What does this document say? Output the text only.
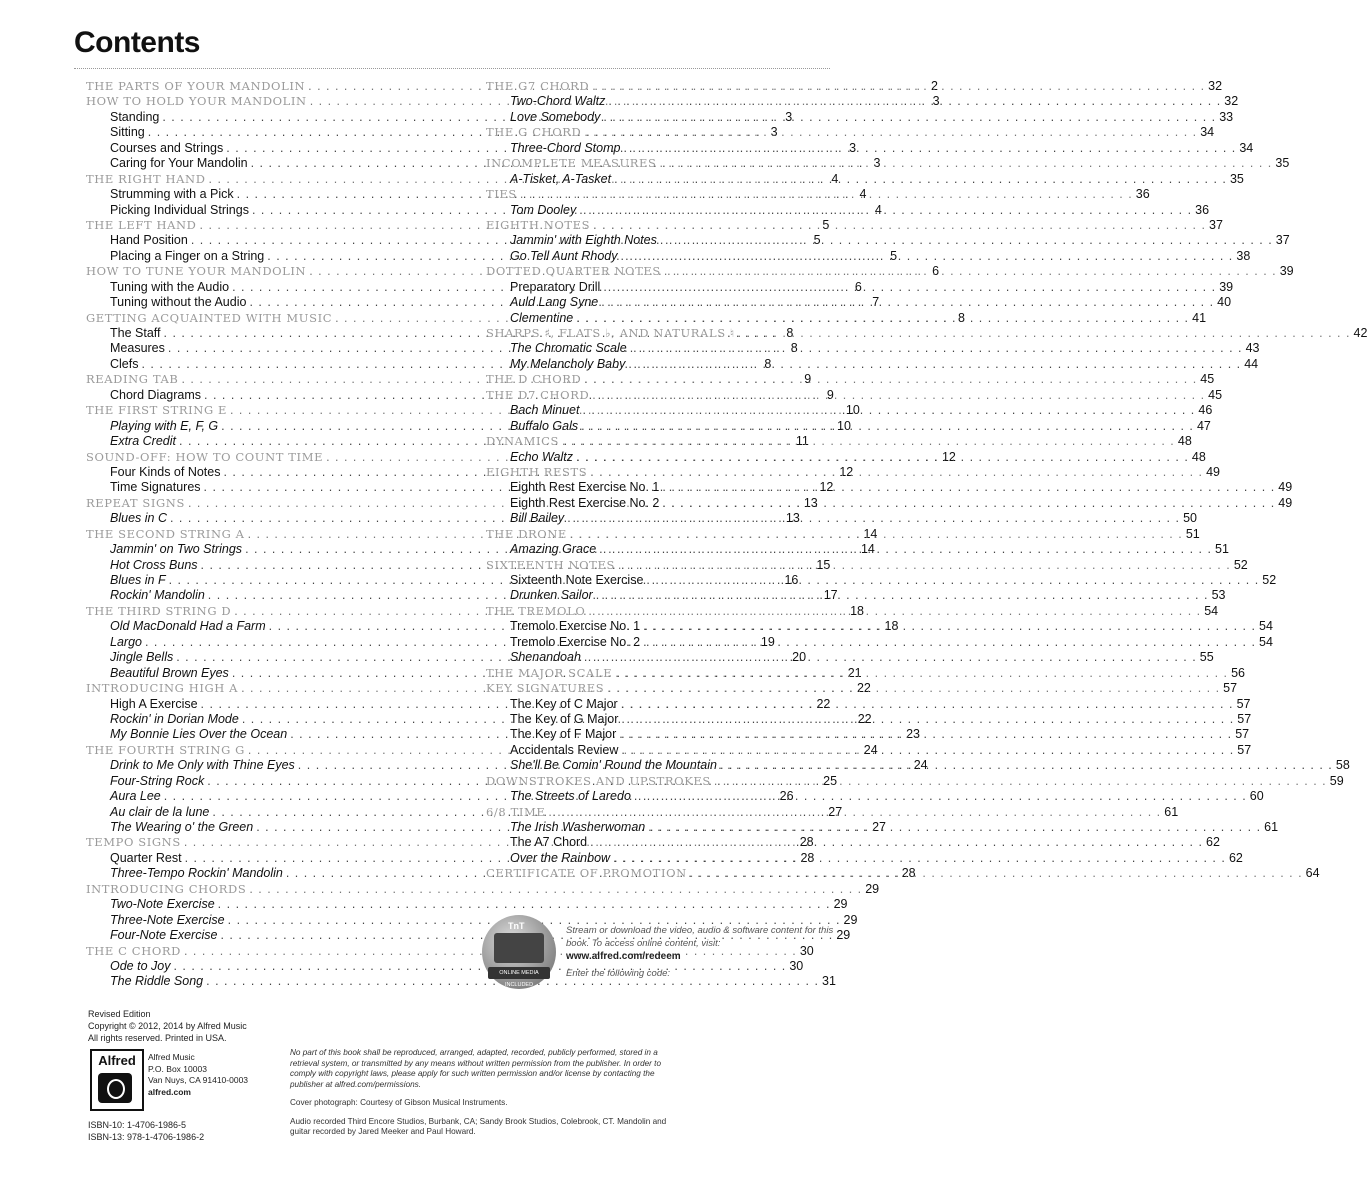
Contents
THE PARTS OF YOUR MANDOLIN . . .	2
HOW TO HOLD YOUR MANDOLIN . . .	3
Standing . . .	3
Sitting . . .	3
Courses and Strings . . .	3
Caring for Your Mandolin . . .	3
THE RIGHT HAND . . .	4
Strumming with a Pick . . .	4
Picking Individual Strings . . .	4
THE LEFT HAND . . .	5
Hand Position . . .	5
Placing a Finger on a String . . .	5
HOW TO TUNE YOUR MANDOLIN . . .	6
Tuning with the Audio . . .	6
Tuning without the Audio . . .	7
GETTING ACQUAINTED WITH MUSIC . . .	8
The Staff . . .	8
Measures . . .	8
Clefs . . .	8
READING TAB . . .	9
Chord Diagrams . . .	9
THE FIRST STRING E . . .	10
Playing with E, F, G . . .	10
Extra Credit . . .	11
SOUND-OFF: HOW TO COUNT TIME . . .	12
Four Kinds of Notes . . .	12
Time Signatures . . .	12
REPEAT SIGNS . . .	13
Blues in C . . .	13
THE SECOND STRING A . . .	14
Jammin' on Two Strings . . .	14
Hot Cross Buns . . .	15
Blues in F . . .	16
Rockin' Mandolin . . .	17
THE THIRD STRING D . . .	18
Old MacDonald Had a Farm . . .	18
Largo . . .	19
Jingle Bells . . .	20
Beautiful Brown Eyes . . .	21
INTRODUCING HIGH A . . .	22
High A Exercise . . .	22
Rockin' in Dorian Mode . . .	22
My Bonnie Lies Over the Ocean . . .	23
THE FOURTH STRING G . . .	24
Drink to Me Only with Thine Eyes . . .	24
Four-String Rock . . .	25
Aura Lee . . .	26
Au clair de la lune . . .	27
The Wearing o' the Green . . .	27
TEMPO SIGNS . . .	28
Quarter Rest . . .	28
Three-Tempo Rockin' Mandolin . . .	28
INTRODUCING CHORDS . . .	29
Two-Note Exercise . . .	29
Three-Note Exercise . . .	29
Four-Note Exercise . . .	29
THE C CHORD . . .	30
Ode to Joy . . .	30
The Riddle Song . . .	31
THE G7 CHORD . . .	32
Two-Chord Waltz . . .	32
Love Somebody . . .	33
THE G CHORD . . .	34
Three-Chord Stomp . . .	34
INCOMPLETE MEASURES . . .	35
A-Tisket, A-Tasket . . .	35
TIES . . .	36
Tom Dooley . . .	36
EIGHTH NOTES . . .	37
Jammin' with Eighth Notes . . .	37
Go Tell Aunt Rhody . . .	38
DOTTED QUARTER NOTES . . .	39
Preparatory Drill . . .	39
Auld Lang Syne . . .	40
Clementine . . .	41
SHARPS ♯, FLATS ♭, AND NATURALS ♮ . . .	42
The Chromatic Scale . . .	43
My Melancholy Baby . . .	44
THE D CHORD . . .	45
THE D7 CHORD . . .	45
Bach Minuet . . .	46
Buffalo Gals . . .	47
DYNAMICS . . .	48
Echo Waltz . . .	48
EIGHTH RESTS . . .	49
Eighth Rest Exercise No. 1 . . .	49
Eighth Rest Exercise No. 2 . . .	49
Bill Bailey . . .	50
THE DRONE . . .	51
Amazing Grace . . .	51
SIXTEENTH NOTES . . .	52
Sixteenth Note Exercise . . .	52
Drunken Sailor . . .	53
THE TREMOLO . . .	54
Tremolo Exercise No. 1 . . .	54
Tremolo Exercise No. 2 . . .	54
Shenandoah . . .	55
THE MAJOR SCALE . . .	56
KEY SIGNATURES . . .	57
The Key of C Major . . .	57
The Key of G Major . . .	57
The Key of F Major . . .	57
Accidentals Review . . .	57
She'll Be Comin' Round the Mountain . . .	58
DOWNSTROKES AND UPSTROKES . . .	59
The Streets of Laredo . . .	60
6/8 TIME . . .	61
The Irish Washerwoman . . .	61
The A7 Chord . . .	62
Over the Rainbow . . .	62
CERTIFICATE OF PROMOTION . . .	64
TnT
ONLINE MEDIA INCLUDED
Stream or download the video, audio & software content for this book. To access online content, visit:
www.alfred.com/redeem
Enter the following code:
Revised Edition
Copyright © 2012, 2014 by Alfred Music
All rights reserved. Printed in USA.
Alfred	Alfred Music
P.O. Box 10003
Van Nuys, CA 91410-0003
alfred.com
ISBN-10: 1-4706-1986-5
ISBN-13: 978-1-4706-1986-2

No part of this book shall be reproduced, arranged, adapted, recorded, publicly performed, stored in a retrieval system, or transmitted by any means without written permission from the publisher. In order to comply with copyright laws, please apply for such written permission and/or license by contacting the publisher at alfred.com/permissions.

Cover photograph: Courtesy of Gibson Musical Instruments.

Audio recorded Third Encore Studios, Burbank, CA; Sandy Brook Studios, Colebrook, CT. Mandolin and guitar recorded by Jared Meeker and Paul Howard.
